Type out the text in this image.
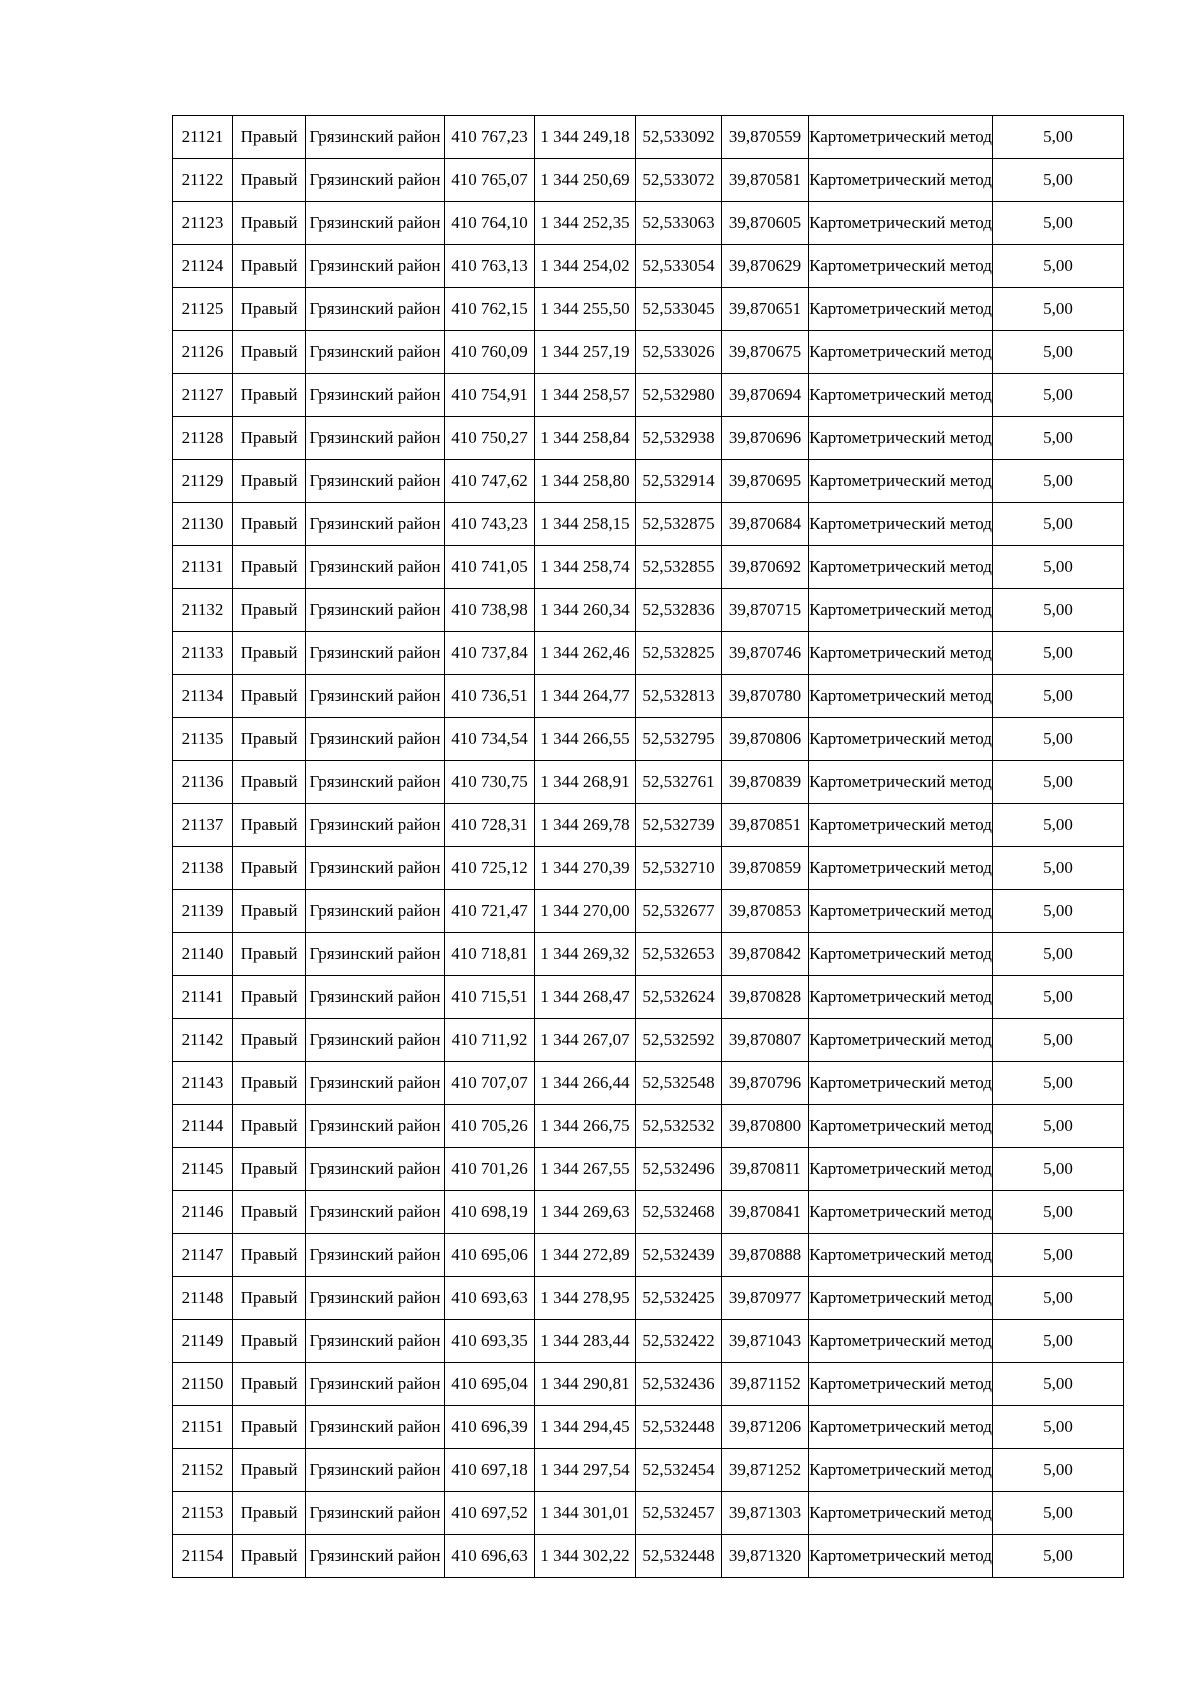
21121	Правый	Грязинский район	410 767,23	1 344 249,18	52,533092	39,870559	Картометрический метод	5,00

21122	Правый	Грязинский район	410 765,07	1 344 250,69	52,533072	39,870581	Картометрический метод	5,00

21123	Правый	Грязинский район	410 764,10	1 344 252,35	52,533063	39,870605	Картометрический метод	5,00

21124	Правый	Грязинский район	410 763,13	1 344 254,02	52,533054	39,870629	Картометрический метод	5,00

21125	Правый	Грязинский район	410 762,15	1 344 255,50	52,533045	39,870651	Картометрический метод	5,00

21126	Правый	Грязинский район	410 760,09	1 344 257,19	52,533026	39,870675	Картометрический метод	5,00

21127	Правый	Грязинский район	410 754,91	1 344 258,57	52,532980	39,870694	Картометрический метод	5,00

21128	Правый	Грязинский район	410 750,27	1 344 258,84	52,532938	39,870696	Картометрический метод	5,00

21129	Правый	Грязинский район	410 747,62	1 344 258,80	52,532914	39,870695	Картометрический метод	5,00

21130	Правый	Грязинский район	410 743,23	1 344 258,15	52,532875	39,870684	Картометрический метод	5,00

21131	Правый	Грязинский район	410 741,05	1 344 258,74	52,532855	39,870692	Картометрический метод	5,00

21132	Правый	Грязинский район	410 738,98	1 344 260,34	52,532836	39,870715	Картометрический метод	5,00

21133	Правый	Грязинский район	410 737,84	1 344 262,46	52,532825	39,870746	Картометрический метод	5,00

21134	Правый	Грязинский район	410 736,51	1 344 264,77	52,532813	39,870780	Картометрический метод	5,00

21135	Правый	Грязинский район	410 734,54	1 344 266,55	52,532795	39,870806	Картометрический метод	5,00

21136	Правый	Грязинский район	410 730,75	1 344 268,91	52,532761	39,870839	Картометрический метод	5,00

21137	Правый	Грязинский район	410 728,31	1 344 269,78	52,532739	39,870851	Картометрический метод	5,00

21138	Правый	Грязинский район	410 725,12	1 344 270,39	52,532710	39,870859	Картометрический метод	5,00

21139	Правый	Грязинский район	410 721,47	1 344 270,00	52,532677	39,870853	Картометрический метод	5,00

21140	Правый	Грязинский район	410 718,81	1 344 269,32	52,532653	39,870842	Картометрический метод	5,00

21141	Правый	Грязинский район	410 715,51	1 344 268,47	52,532624	39,870828	Картометрический метод	5,00

21142	Правый	Грязинский район	410 711,92	1 344 267,07	52,532592	39,870807	Картометрический метод	5,00

21143	Правый	Грязинский район	410 707,07	1 344 266,44	52,532548	39,870796	Картометрический метод	5,00

21144	Правый	Грязинский район	410 705,26	1 344 266,75	52,532532	39,870800	Картометрический метод	5,00

21145	Правый	Грязинский район	410 701,26	1 344 267,55	52,532496	39,870811	Картометрический метод	5,00

21146	Правый	Грязинский район	410 698,19	1 344 269,63	52,532468	39,870841	Картометрический метод	5,00

21147	Правый	Грязинский район	410 695,06	1 344 272,89	52,532439	39,870888	Картометрический метод	5,00

21148	Правый	Грязинский район	410 693,63	1 344 278,95	52,532425	39,870977	Картометрический метод	5,00

21149	Правый	Грязинский район	410 693,35	1 344 283,44	52,532422	39,871043	Картометрический метод	5,00

21150	Правый	Грязинский район	410 695,04	1 344 290,81	52,532436	39,871152	Картометрический метод	5,00

21151	Правый	Грязинский район	410 696,39	1 344 294,45	52,532448	39,871206	Картометрический метод	5,00

21152	Правый	Грязинский район	410 697,18	1 344 297,54	52,532454	39,871252	Картометрический метод	5,00

21153	Правый	Грязинский район	410 697,52	1 344 301,01	52,532457	39,871303	Картометрический метод	5,00

21154	Правый	Грязинский район	410 696,63	1 344 302,22	52,532448	39,871320	Картометрический метод	5,00
